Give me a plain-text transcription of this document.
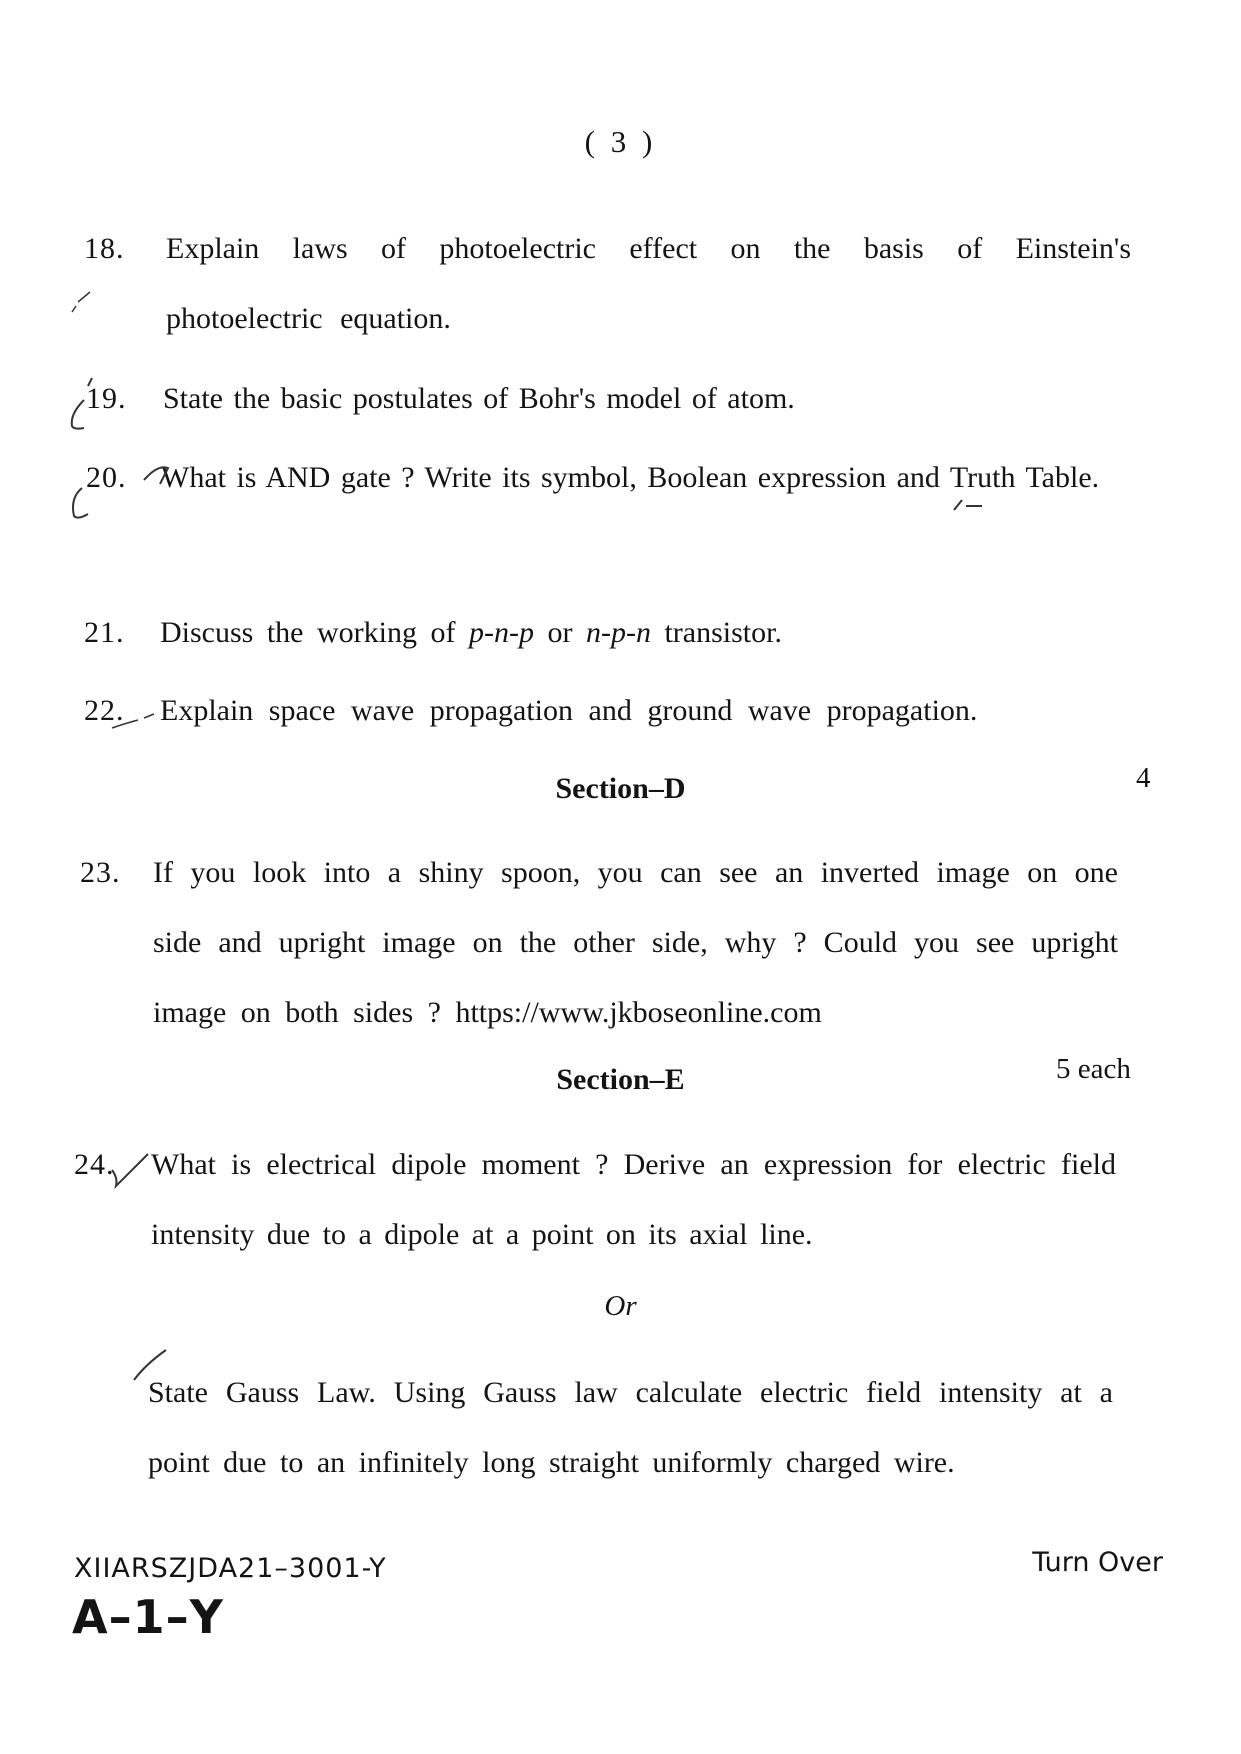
( 3 )
18. Explain laws of photoelectric effect on the basis of Einstein's photoelectric equation.
19. State the basic postulates of Bohr's model of atom.
20. What is AND gate ? Write its symbol, Boolean expression and Truth Table.
21. Discuss the working of p-n-p or n-p-n transistor.
22. Explain space wave propagation and ground wave propagation.
Section–D	4
23. If you look into a shiny spoon, you can see an inverted image on one side and upright image on the other side, why ? Could you see upright image on both sides ? https://www.jkboseonline.com
Section–E	5 each
24. What is electrical dipole moment ? Derive an expression for electric field intensity due to a dipole at a point on its axial line.
Or
State Gauss Law. Using Gauss law calculate electric field intensity at a point due to an infinitely long straight uniformly charged wire.
XIIARSZJDA21–3001-Y
A–1–Y
Turn Over
